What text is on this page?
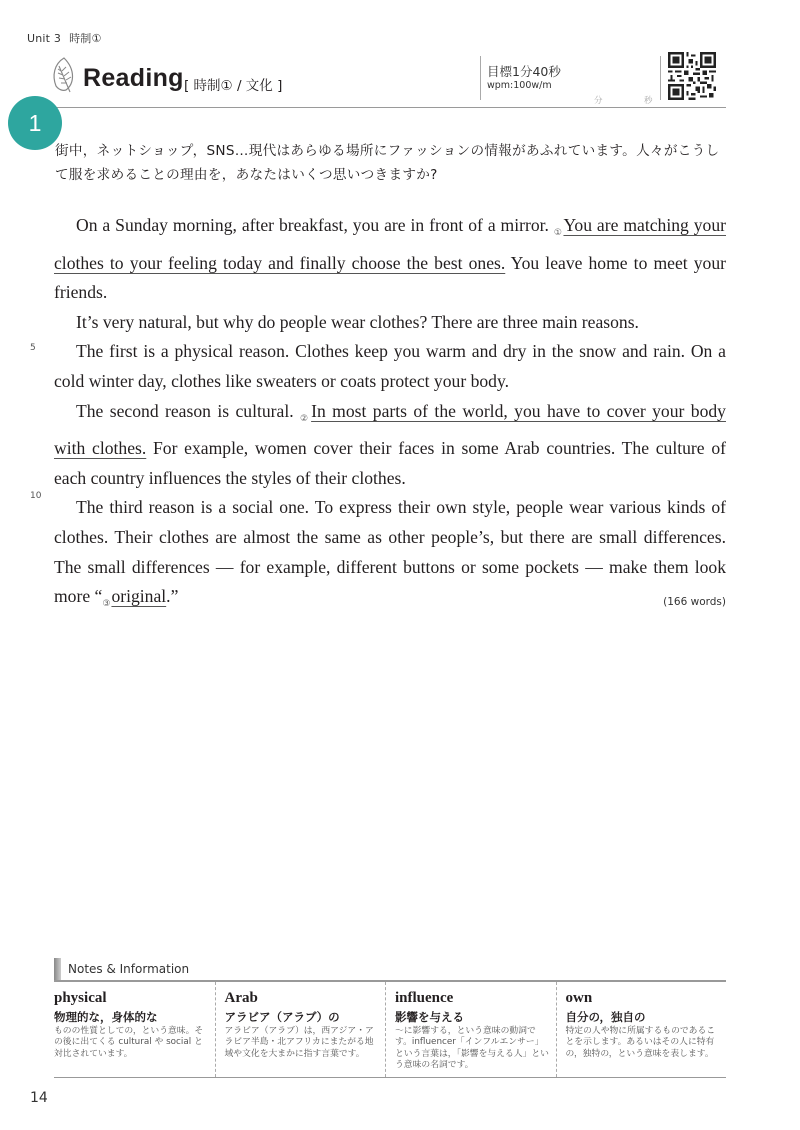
Unit 3 時制①
Reading [ 時制① / 文化 ]
目標1分40秒
wpm:100w/m
分	秒
1
街中，ネットショップ，SNS…現代はあらゆる場所にファッションの情報があふれています。人々がこうして服を求めることの理由を，あなたはいくつ思いつきますか?
5
10

On a Sunday morning, after breakfast, you are in front of a mirror. $_①$You are matching your clothes to your feeling today and finally choose the best ones. You leave home to meet your friends.

It’s very natural, but why do people wear clothes? There are three main reasons.

The first is a physical reason. Clothes keep you warm and dry in the snow and rain. On a cold winter day, clothes like sweaters or coats protect your body.

The second reason is cultural. $_②$In most parts of the world, you have to cover your body with clothes. For example, women cover their faces in some Arab countries. The culture of each country influences the styles of their clothes.

The third reason is a social one. To express their own style, people wear various kinds of clothes. Their clothes are almost the same as other people’s, but there are small differences. The small differences — for example, different buttons or some pockets — make them look more “$_③original$.”	(166 words)

Notes & Information
physical
物理的な，身体的な
ものの性質としての，という意味。その後に出てくる cultural や social と対比されています。
Arab
アラビア（アラブ）の
アラビア（アラブ）は，西アジア・アラビア半島・北アフリカにまたがる地域や文化を大まかに指す言葉です。
influence
影響を与える
～に影響する，という意味の動詞です。influencer「インフルエンサー」という言葉は，「影響を与える人」という意味の名詞です。
own
自分の，独自の
特定の人や物に所属するものであることを示します。あるいはその人に特有の，独特の，という意味を表します。
14
